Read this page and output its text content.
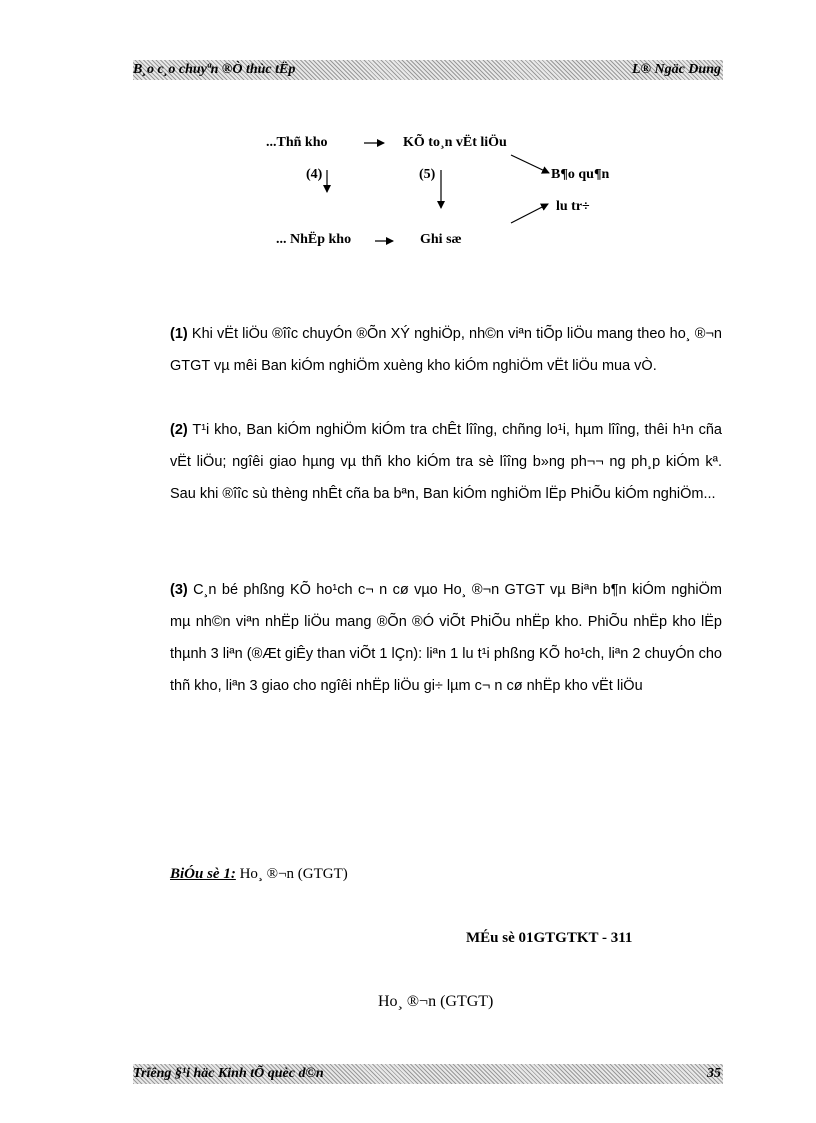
B¸o c¸o chuyªn ®Ò thùc tËp	L® Ngäc Dung
...Thñ kho	KÕ to¸n vËt liÖu
(4)	(5)	B¶o qu¶n
lu tr÷
... NhËp kho	Ghi sæ
(1) Khi vËt liÖu ®îîc chuyÓn ®Õn XÝ nghiÖp, nh©n viªn tiÕp liÖu mang theo ho¸ ®¬n GTGT vµ mêi Ban kiÓm nghiÖm xuèng kho kiÓm nghiÖm vËt liÖu mua vÒ.
(2) T¹i kho, Ban kiÓm nghiÖm kiÓm tra chÊt lîîng, chñng lo¹i, hµm lîîng, thêi h¹n cña vËt liÖu; ngîêi giao hµng vµ thñ kho kiÓm tra sè lîîng b»ng ph¬¬ ng ph¸p kiÓm kª. Sau khi ®îîc sù thèng nhÊt cña ba bªn, Ban kiÓm nghiÖm lËp PhiÕu kiÓm nghiÖm...
(3) C¸n bé phßng KÕ ho¹ch c¬ n cø vµo Ho¸ ®¬n GTGT vµ Biªn b¶n kiÓm nghiÖm mµ nh©n viªn nhËp liÖu mang ®Õn ®Ó viÕt PhiÕu nhËp kho. PhiÕu nhËp kho lËp thµnh 3 liªn (®Æt giÊy than viÕt 1 lÇn): liªn 1 lu t¹i phßng KÕ ho¹ch, liªn 2 chuyÓn cho thñ kho, liªn 3 giao cho ngîêi nhËp liÖu gi÷ lµm c¬ n cø nhËp kho vËt liÖu
BiÓu sè 1: Ho¸ ®¬n (GTGT)
MÉu sè 01GTGTKT - 311
Ho¸ ®¬n (GTGT)
Trîêng §¹i häc Kinh tÕ quèc d©n	35
